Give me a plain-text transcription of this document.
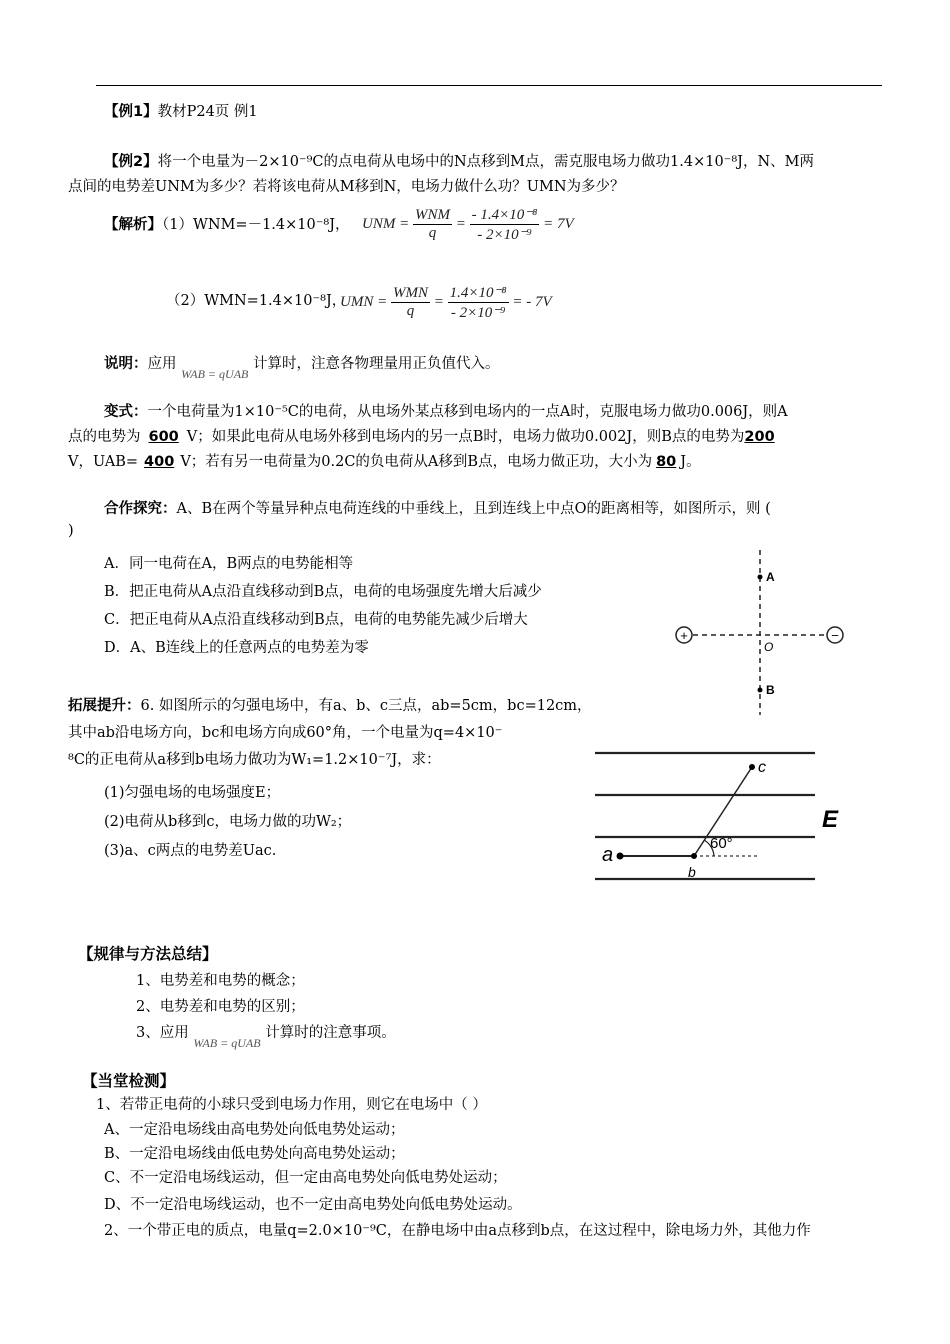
【例1】教材P24页 例1
【例2】将一个电量为－2×10⁻⁹C的点电荷从电场中的N点移到M点，需克服电场力做功1.4×10⁻⁸J，N、M两
点间的电势差UNM为多少？若将该电荷从M移到N，电场力做什么功？UMN为多少？
【解析】（1）WNM=－1.4×10⁻⁸J， UNM = $\frac{\text{WNM}}{q} = \frac{\text{- 1.4×10⁻⁸}}{\text{- 2×10⁻⁹}} = 7V$
（2）WMN=1.4×10⁻⁸J，
UMN = $\frac{\text{WMN}}{q} = \frac{\text{1.4×10⁻⁸}}{\text{- 2×10⁻⁹}}$ = - 7V
说明：应用 $_{WAB = qUAB}$ 计算时，注意各物理量用正负值代入。
变式：一个电荷量为1×10⁻⁵C的电荷，从电场外某点移到电场内的一点A时，克服电场力做功0.006J，则A
点的电势为 600 V；如果此电荷从电场外移到电场内的另一点B时，电场力做功0.002J，则B点的电势为200
V，UAB= 400 V；若有另一电荷量为0.2C的负电荷从A移到B点，电场力做正功，大小为 80 J。
合作探究：A、B在两个等量异种点电荷连线的中垂线上，且到连线上中点O的距离相等，如图所示，则 (
)
A．同一电荷在A，B两点的电势能相等
B．把正电荷从A点沿直线移动到B点，电荷的电场强度先增大后减少
C．把正电荷从A点沿直线移动到B点，电荷的电势能先减少后增大
D．A、B连线上的任意两点的电势差为零
+	−
A
B
O
拓展提升：6. 如图所示的匀强电场中，有a、b、c三点，ab=5cm，bc=12cm，
其中ab沿电场方向，bc和电场方向成60°角，一个电量为q=4×10⁻
⁸C的正电荷从a移到b电场力做功为W₁=1.2×10⁻⁷J，求：
(1)匀强电场的电场强度E；
(2)电荷从b移到c，电场力做的功W₂；
(3)a、c两点的电势差Uac.	a
b
c
60°
E
【规律与方法总结】
1、电势差和电势的概念；
2、电势差和电势的区别；
3、应用 $_{WAB = qUAB}$ 计算时的注意事项。
【当堂检测】
1、若带正电荷的小球只受到电场力作用，则它在电场中（ ）
A、一定沿电场线由高电势处向低电势处运动；
B、一定沿电场线由低电势处向高电势处运动；
C、不一定沿电场线运动，但一定由高电势处向低电势处运动；
D、不一定沿电场线运动，也不一定由高电势处向低电势处运动。
2、一个带正电的质点，电量q=2.0×10⁻⁹C，在静电场中由a点移到b点，在这过程中，除电场力外，其他力作
